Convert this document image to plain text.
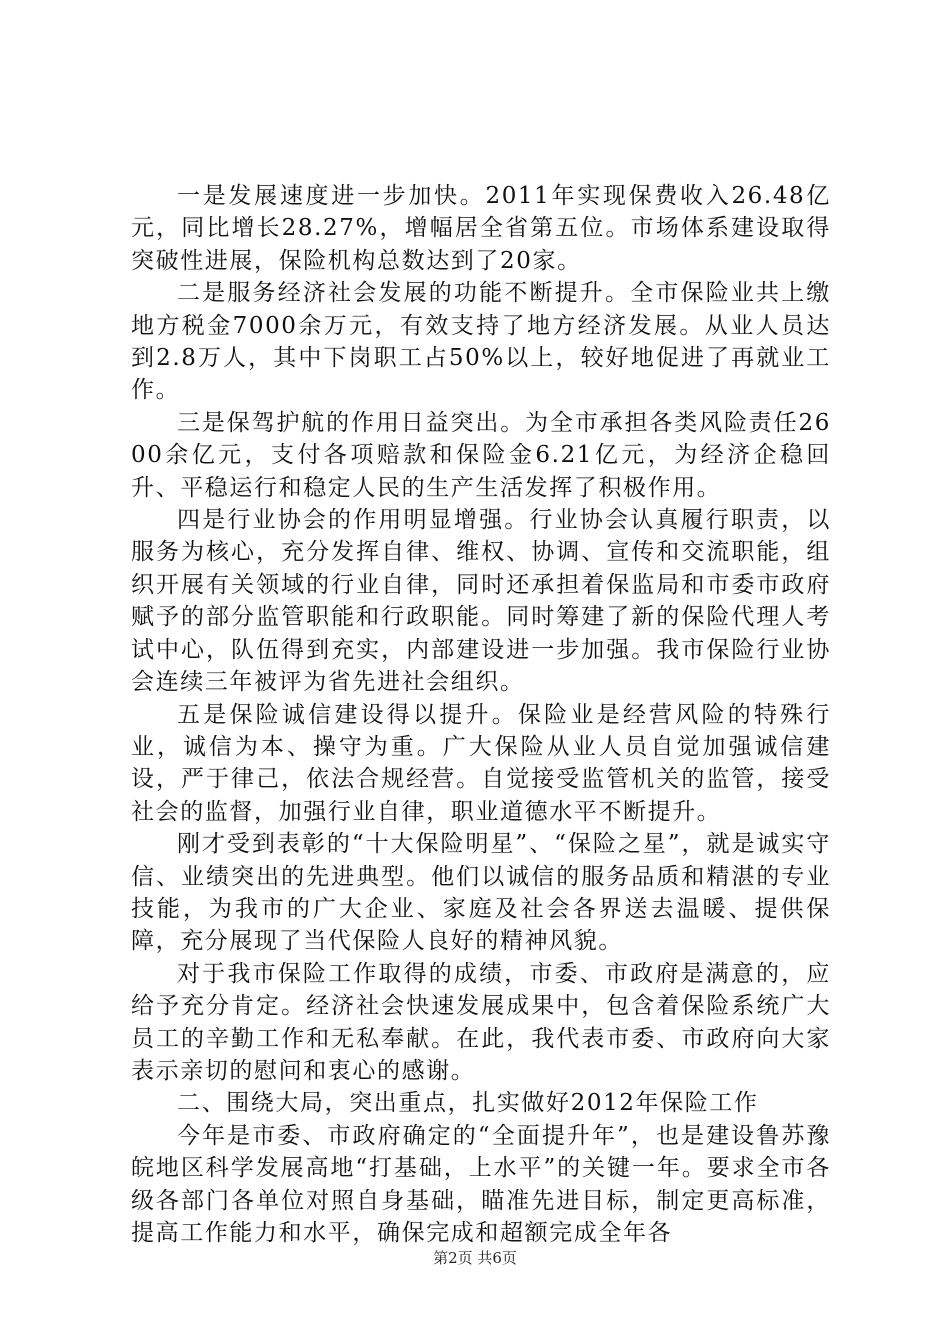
一是发展速度进一步加快。2011年实现保费收入26.48亿元，同比增长28.27%，增幅居全省第五位。市场体系建设取得突破性进展，保险机构总数达到了20家。

二是服务经济社会发展的功能不断提升。全市保险业共上缴地方税金7000余万元，有效支持了地方经济发展。从业人员达到2.8万人，其中下岗职工占50%以上，较好地促进了再就业工作。

三是保驾护航的作用日益突出。为全市承担各类风险责任2600余亿元，支付各项赔款和保险金6.21亿元，为经济企稳回升、平稳运行和稳定人民的生产生活发挥了积极作用。

四是行业协会的作用明显增强。行业协会认真履行职责，以服务为核心，充分发挥自律、维权、协调、宣传和交流职能，组织开展有关领域的行业自律，同时还承担着保监局和市委市政府赋予的部分监管职能和行政职能。同时筹建了新的保险代理人考试中心，队伍得到充实，内部建设进一步加强。我市保险行业协会连续三年被评为省先进社会组织。

五是保险诚信建设得以提升。保险业是经营风险的特殊行业，诚信为本、操守为重。广大保险从业人员自觉加强诚信建设，严于律己，依法合规经营。自觉接受监管机关的监管，接受社会的监督，加强行业自律，职业道德水平不断提升。

刚才受到表彰的“十大保险明星”、“保险之星”，就是诚实守信、业绩突出的先进典型。他们以诚信的服务品质和精湛的专业技能，为我市的广大企业、家庭及社会各界送去温暖、提供保障，充分展现了当代保险人良好的精神风貌。

对于我市保险工作取得的成绩，市委、市政府是满意的，应给予充分肯定。经济社会快速发展成果中，包含着保险系统广大员工的辛勤工作和无私奉献。在此，我代表市委、市政府向大家表示亲切的慰问和衷心的感谢。

二、围绕大局，突出重点，扎实做好2012年保险工作

今年是市委、市政府确定的“全面提升年”，也是建设鲁苏豫皖地区科学发展高地“打基础，上水平”的关键一年。要求全市各级各部门各单位对照自身基础，瞄准先进目标，制定更高标准，提高工作能力和水平，确保完成和超额完成全年各

第2页 共6页
